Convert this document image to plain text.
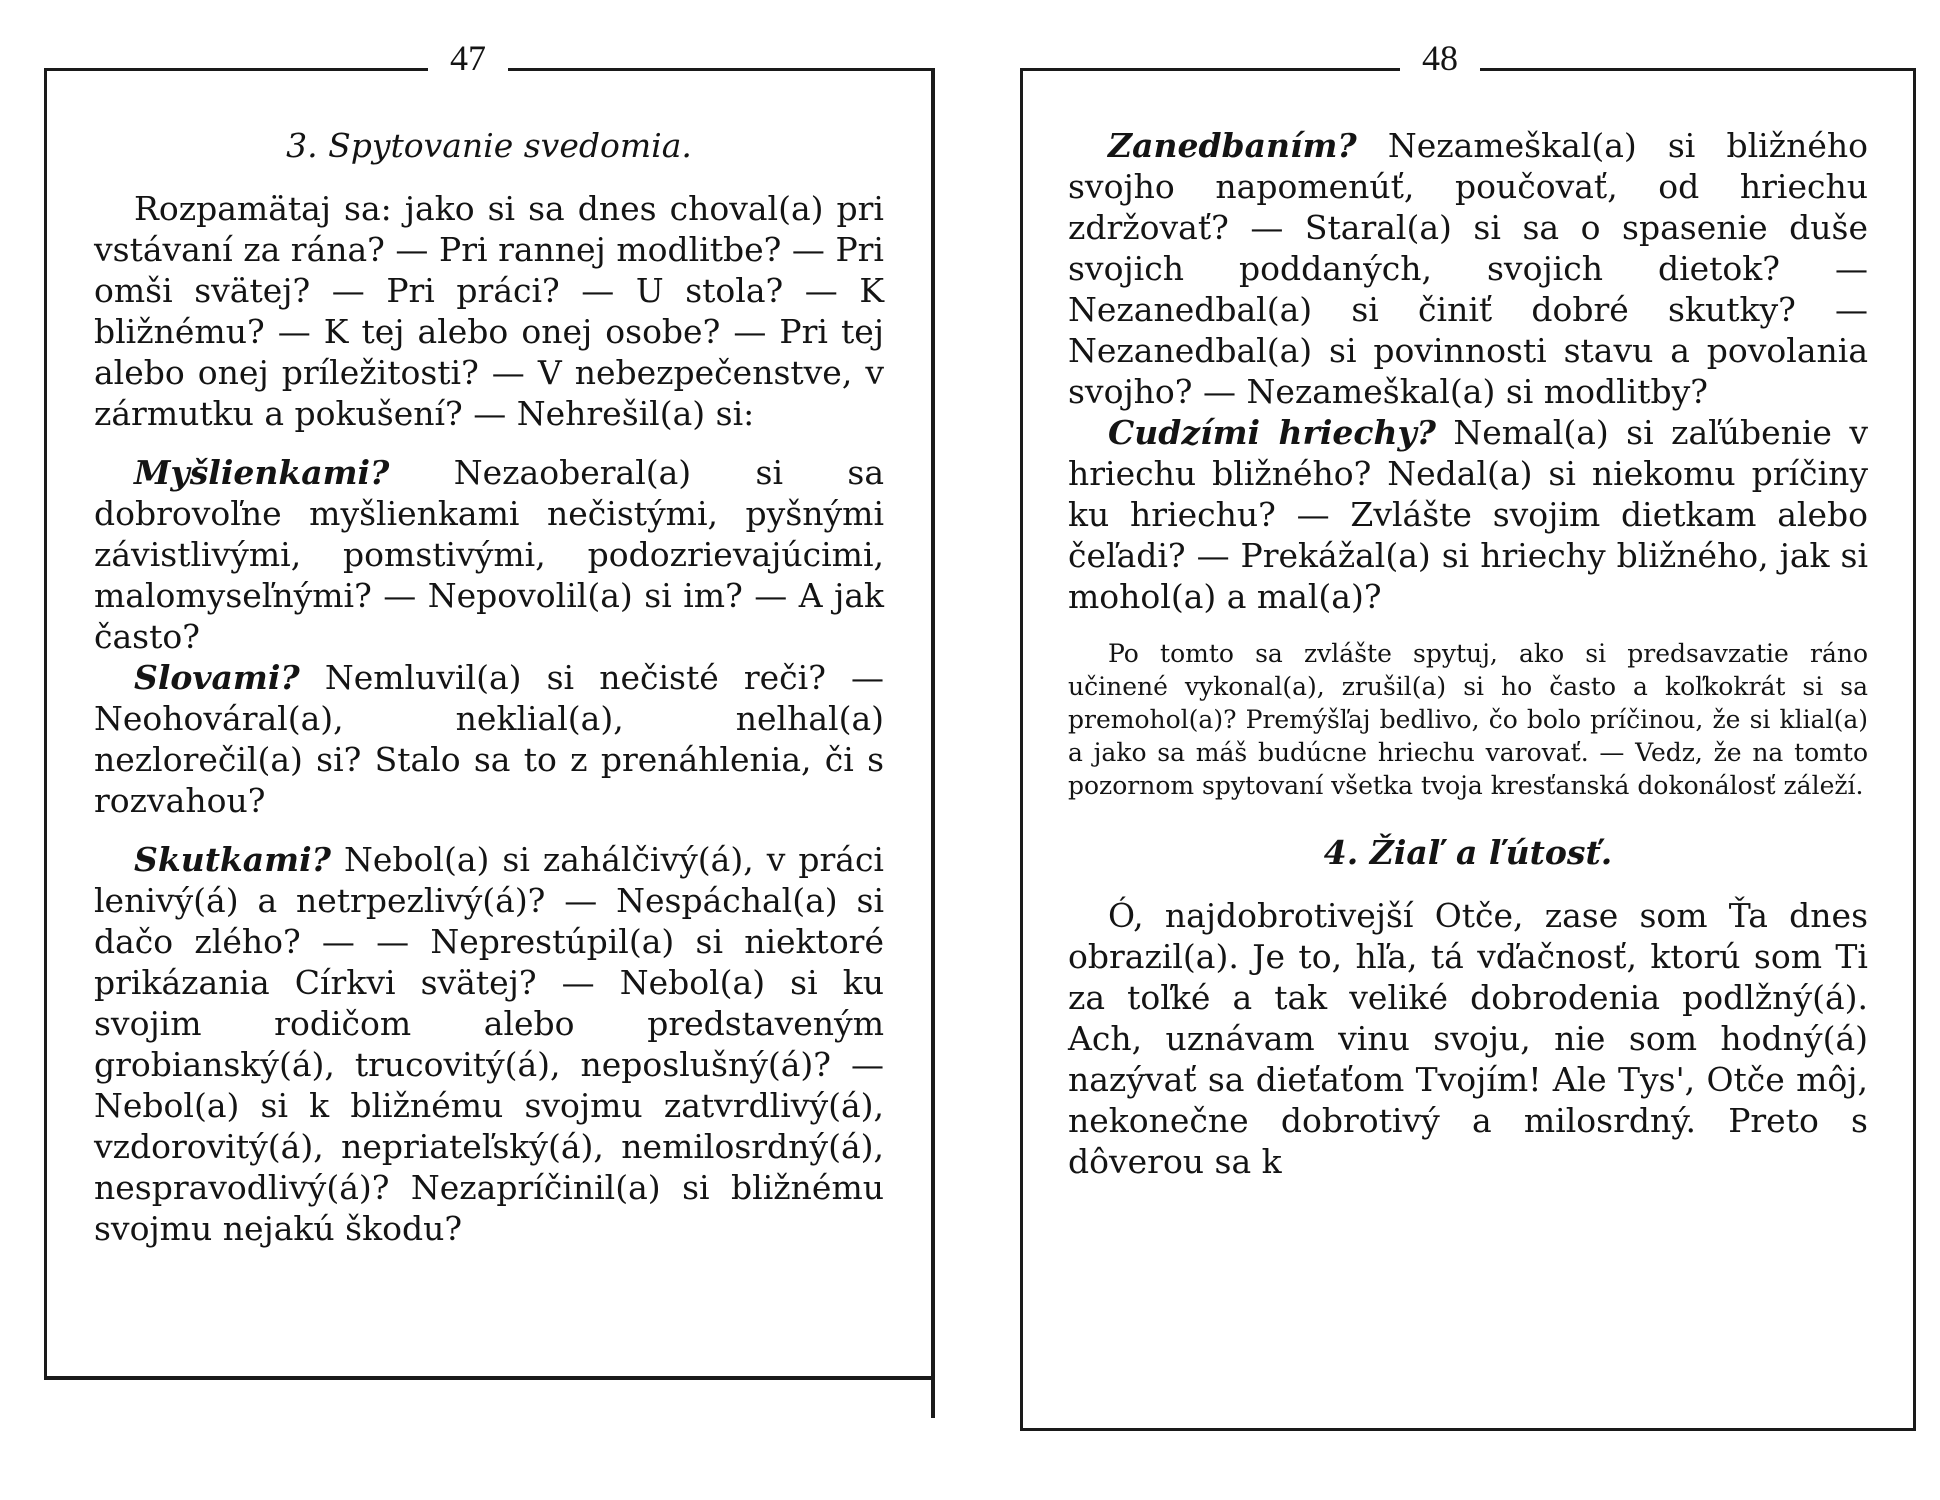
47
3. Spytovanie svedomia.

Rozpamätaj sa: jako si sa dnes choval(a) pri vstávaní za rána? — Pri rannej modlitbe? — Pri omši svätej? — Pri práci? — U stola? — K bližnému? — K tej alebo onej osobe? — Pri tej alebo onej príležitosti? — V nebezpečenstve, v zármutku a pokušení? — Nehrešil(a) si:

Myšlienkami? Nezaoberal(a) si sa dobrovoľne myšlienkami nečistými, pyšnými závistlivými, pomstivými, podozrievajúcimi, malomyseľnými? — Nepovolil(a) si im? — A jak často?

Slovami? Nemluvil(a) si nečisté reči? — Neohováral(a), neklial(a), nelhal(a) nezlorečil(a) si? Stalo sa to z prenáhlenia, či s rozvahou?

Skutkami? Nebol(a) si zahálčivý(á), v práci lenivý(á) a netrpezlivý(á)? — Nespáchal(a) si dačo zlého? — — Neprestúpil(a) si niektoré prikázania Církvi svätej? — Nebol(a) si ku svojim rodičom alebo predstaveným grobianský(á), trucovitý(á), neposlušný(á)? — Nebol(a) si k bližnému svojmu zatvrdlivý(á), vzdorovitý(á), nepriateľský(á), nemilosrdný(á), nespravodlivý(á)? Nezapríčinil(a) si bližnému svojmu nejakú škodu?

48

Zanedbaním? Nezameškal(a) si bližného svojho napomenúť, poučovať, od hriechu zdržovať? — Staral(a) si sa o spasenie duše svojich poddaných, svojich dietok? — Nezanedbal(a) si činiť dobré skutky? — Nezanedbal(a) si povinnosti stavu a povolania svojho? — Nezameškal(a) si modlitby?

Cudzími hriechy? Nemal(a) si zaľúbenie v hriechu bližného? Nedal(a) si niekomu príčiny ku hriechu? — Zvlášte svojim dietkam alebo čeľadi? — Prekážal(a) si hriechy bližného, jak si mohol(a) a mal(a)?

Po tomto sa zvlášte spytuj, ako si predsavzatie ráno učinené vykonal(a), zrušil(a) si ho často a koľkokrát si sa premohol(a)? Premýšľaj bedlivo, čo bolo príčinou, že si klial(a) a jako sa máš budúcne hriechu varovať. — Vedz, že na tomto pozornom spytovaní všetka tvoja kresťanská dokonálosť záleží.

4. Žiaľ a ľútosť.

Ó, najdobrotivejší Otče, zase som Ťa dnes obrazil(a). Je to, hľa, tá vďačnosť, ktorú som Ti za toľké a tak veliké dobrodenia podlžný(á). Ach, uznávam vinu svoju, nie som hodný(á) nazývať sa dieťaťom Tvojím! Ale Tys', Otče môj, nekonečne dobrotivý a milosrdný. Preto s dôverou sa k
